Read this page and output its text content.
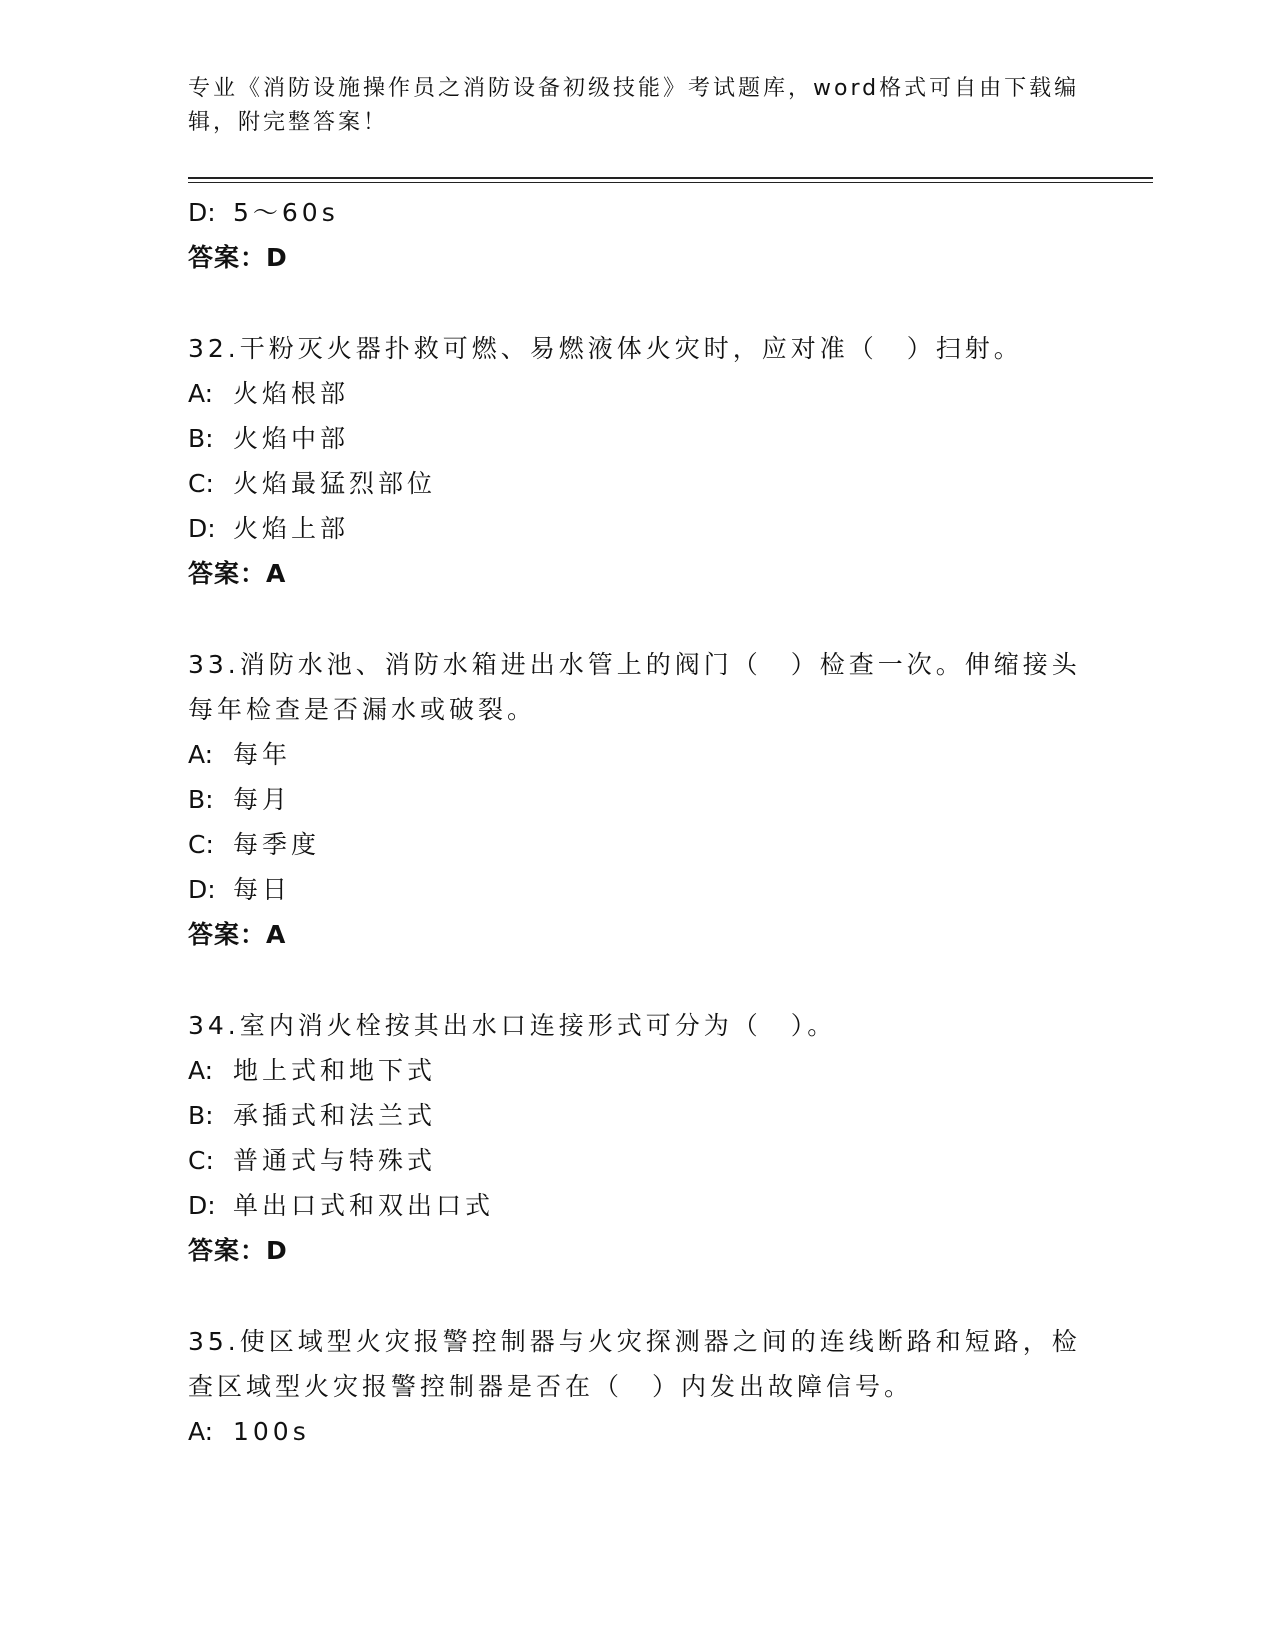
专业《消防设施操作员之消防设备初级技能》考试题库，word格式可自由下载编
辑，附完整答案！
D: 5～60s
答案：D
32.干粉灭火器扑救可燃、易燃液体火灾时，应对准（　）扫射。
A: 火焰根部
B: 火焰中部
C: 火焰最猛烈部位
D: 火焰上部
答案：A
33.消防水池、消防水箱进出水管上的阀门（　）检查一次。伸缩接头
每年检查是否漏水或破裂。
A: 每年
B: 每月
C: 每季度
D: 每日
答案：A
34.室内消火栓按其出水口连接形式可分为（　）。
A: 地上式和地下式
B: 承插式和法兰式
C: 普通式与特殊式
D: 单出口式和双出口式
答案：D
35.使区域型火灾报警控制器与火灾探测器之间的连线断路和短路，检
查区域型火灾报警控制器是否在（　）内发出故障信号。
A: 100s
